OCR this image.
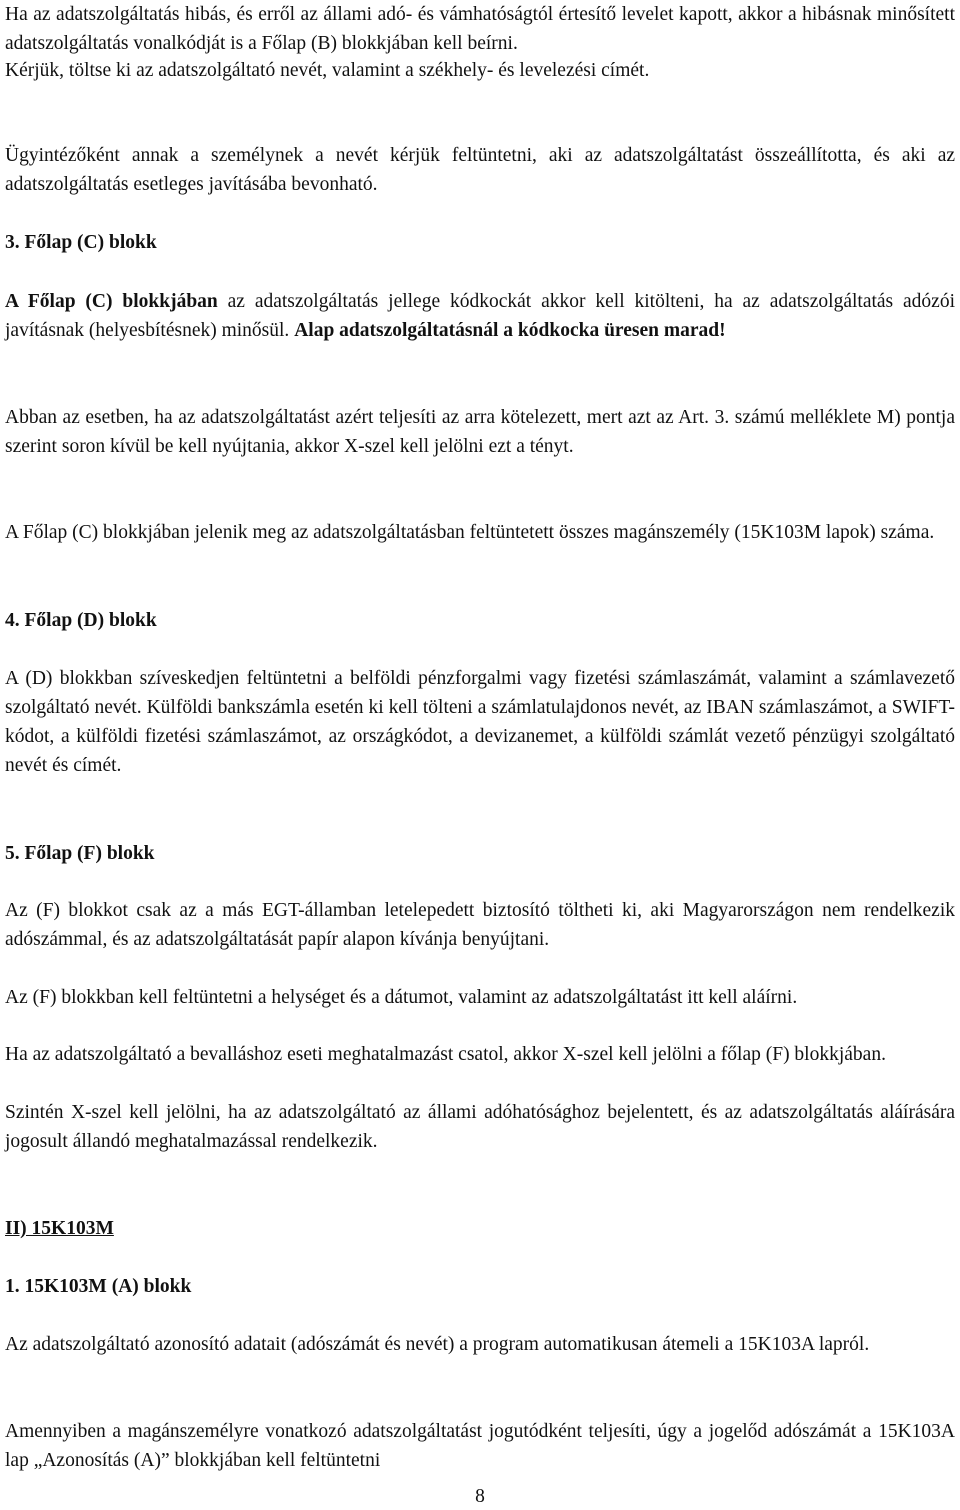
Ha az adatszolgáltatás hibás, és erről az állami adó- és vámhatóságtól értesítő levelet kapott, akkor a hibásnak minősített adatszolgáltatás vonalkódját is a Főlap (B) blokkjában kell beírni.

Kérjük, töltse ki az adatszolgáltató nevét, valamint a székhely- és levelezési címét.

Ügyintézőként annak a személynek a nevét kérjük feltüntetni, aki az adatszolgáltatást összeállította, és aki az adatszolgáltatás esetleges javításába bevonható.

3. Főlap (C) blokk

A Főlap (C) blokkjában az adatszolgáltatás jellege kódkockát akkor kell kitölteni, ha az adatszolgáltatás adózói javításnak (helyesbítésnek) minősül. Alap adatszolgáltatásnál a kódkocka üresen marad!

Abban az esetben, ha az adatszolgáltatást azért teljesíti az arra kötelezett, mert azt az Art. 3. számú melléklete M) pontja szerint soron kívül be kell nyújtania, akkor X-szel kell jelölni ezt a tényt.

A Főlap (C) blokkjában jelenik meg az adatszolgáltatásban feltüntetett összes magánszemély (15K103M lapok) száma.

4. Főlap (D) blokk

A (D) blokkban szíveskedjen feltüntetni a belföldi pénzforgalmi vagy fizetési számlaszámát, valamint a számlavezető szolgáltató nevét. Külföldi bankszámla esetén ki kell tölteni a számlatulajdonos nevét, az IBAN számlaszámot, a SWIFT-kódot, a külföldi fizetési számlaszámot, az országkódot, a devizanemet, a külföldi számlát vezető pénzügyi szolgáltató nevét és címét.

5. Főlap (F) blokk

Az (F) blokkot csak az a más EGT-államban letelepedett biztosító töltheti ki, aki Magyarországon nem rendelkezik adószámmal, és az adatszolgáltatását papír alapon kívánja benyújtani.

Az (F) blokkban kell feltüntetni a helységet és a dátumot, valamint az adatszolgáltatást itt kell aláírni.

Ha az adatszolgáltató a bevalláshoz eseti meghatalmazást csatol, akkor X-szel kell jelölni a főlap (F) blokkjában.

Szintén X-szel kell jelölni, ha az adatszolgáltató az állami adóhatósághoz bejelentett, és az adatszolgáltatás aláírására jogosult állandó meghatalmazással rendelkezik.

II) 15K103M

1. 15K103M (A) blokk

Az adatszolgáltató azonosító adatait (adószámát és nevét) a program automatikusan átemeli a 15K103A lapról.

Amennyiben a magánszemélyre vonatkozó adatszolgáltatást jogutódként teljesíti, úgy a jogelőd adószámát a 15K103A lap „Azonosítás (A)” blokkjában kell feltüntetni

8
